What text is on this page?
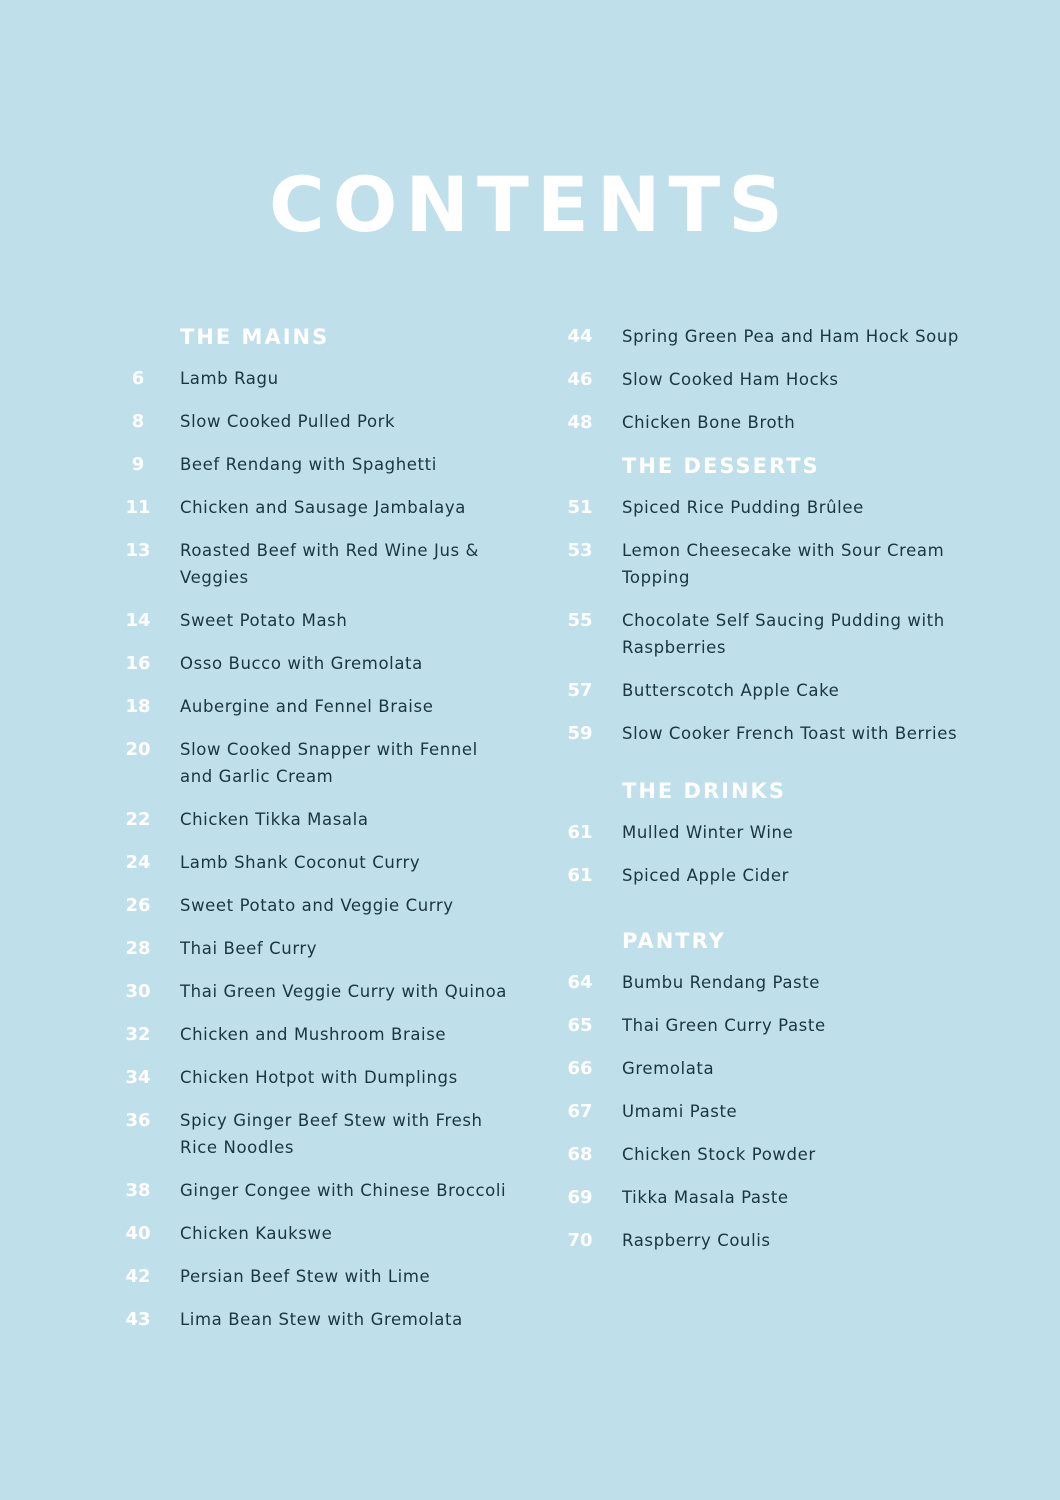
CONTENTS
THE MAINS
6	Lamb Ragu
8	Slow Cooked Pulled Pork
9	Beef Rendang with Spaghetti
11	Chicken and Sausage Jambalaya
13	Roasted Beef with Red Wine Jus & Veggies
14	Sweet Potato Mash
16	Osso Bucco with Gremolata
18	Aubergine and Fennel Braise
20	Slow Cooked Snapper with Fennel and Garlic Cream
22	Chicken Tikka Masala
24	Lamb Shank Coconut Curry
26	Sweet Potato and Veggie Curry
28	Thai Beef Curry
30	Thai Green Veggie Curry with Quinoa
32	Chicken and Mushroom Braise
34	Chicken Hotpot with Dumplings
36	Spicy Ginger Beef Stew with Fresh Rice Noodles
38	Ginger Congee with Chinese Broccoli
40	Chicken Kaukswe
42	Persian Beef Stew with Lime
43	Lima Bean Stew with Gremolata
44	Spring Green Pea and Ham Hock Soup
46	Slow Cooked Ham Hocks
48	Chicken Bone Broth
THE DESSERTS
51	Spiced Rice Pudding Brûlee
53	Lemon Cheesecake with Sour Cream Topping
55	Chocolate Self Saucing Pudding with Raspberries
57	Butterscotch Apple Cake
59	Slow Cooker French Toast with Berries
THE DRINKS
61	Mulled Winter Wine
61	Spiced Apple Cider
PANTRY
64	Bumbu Rendang Paste
65	Thai Green Curry Paste
66	Gremolata
67	Umami Paste
68	Chicken Stock Powder
69	Tikka Masala Paste
70	Raspberry Coulis
